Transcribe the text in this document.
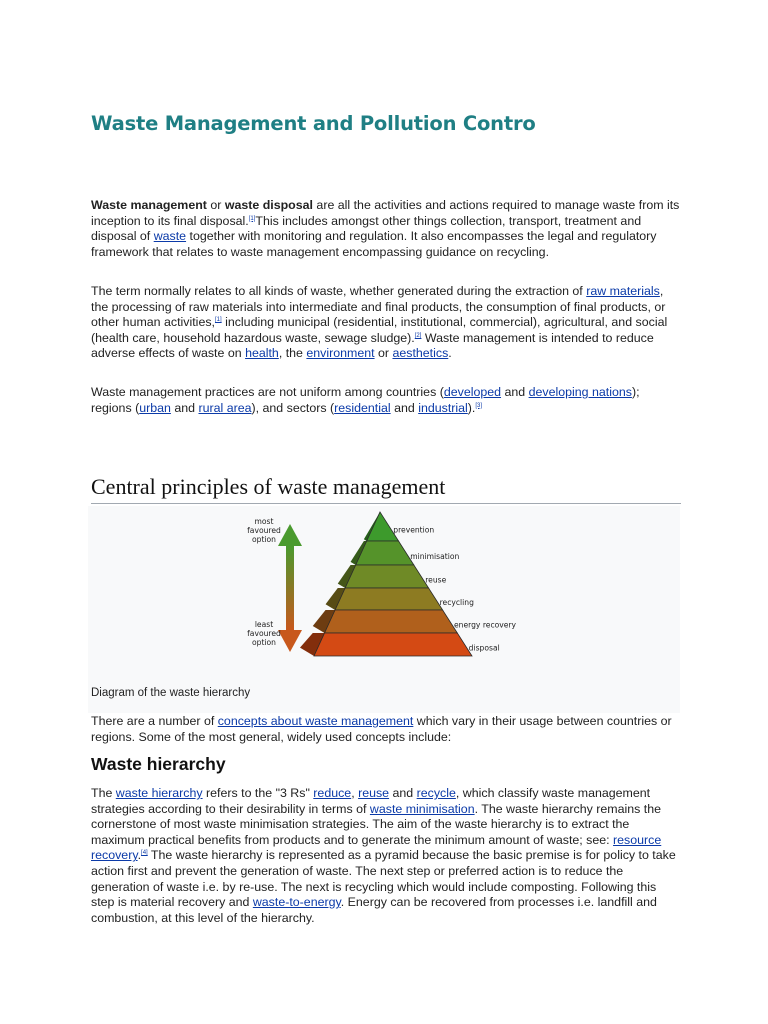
Waste Management and Pollution Contro

Waste management or waste disposal are all the activities and actions required to manage waste from its inception to its final disposal.[1]This includes amongst other things collection, transport, treatment and disposal of waste together with monitoring and regulation. It also encompasses the legal and regulatory framework that relates to waste management encompassing guidance on recycling.

The term normally relates to all kinds of waste, whether generated during the extraction of raw materials, the processing of raw materials into intermediate and final products, the consumption of final products, or other human activities,[1] including municipal (residential, institutional, commercial), agricultural, and social (health care, household hazardous waste, sewage sludge).[2] Waste management is intended to reduce adverse effects of waste on health, the environment or aesthetics.

Waste management practices are not uniform among countries (developed and developing nations); regions (urban and rural area), and sectors (residential and industrial).[3]

Central principles of waste management
most
favoured
option
least
favoured
option
prevention
minimisation
reuse
recycling
energy recovery
disposal
Diagram of the waste hierarchy

There are a number of concepts about waste management which vary in their usage between countries or regions. Some of the most general, widely used concepts include:

Waste hierarchy

The waste hierarchy refers to the "3 Rs" reduce, reuse and recycle, which classify waste management strategies according to their desirability in terms of waste minimisation. The waste hierarchy remains the cornerstone of most waste minimisation strategies. The aim of the waste hierarchy is to extract the maximum practical benefits from products and to generate the minimum amount of waste; see: resource recovery.[4] The waste hierarchy is represented as a pyramid because the basic premise is for policy to take action first and prevent the generation of waste. The next step or preferred action is to reduce the generation of waste i.e. by re-use. The next is recycling which would include composting. Following this step is material recovery and waste-to-energy. Energy can be recovered from processes i.e. landfill and combustion, at this level of the hierarchy.
